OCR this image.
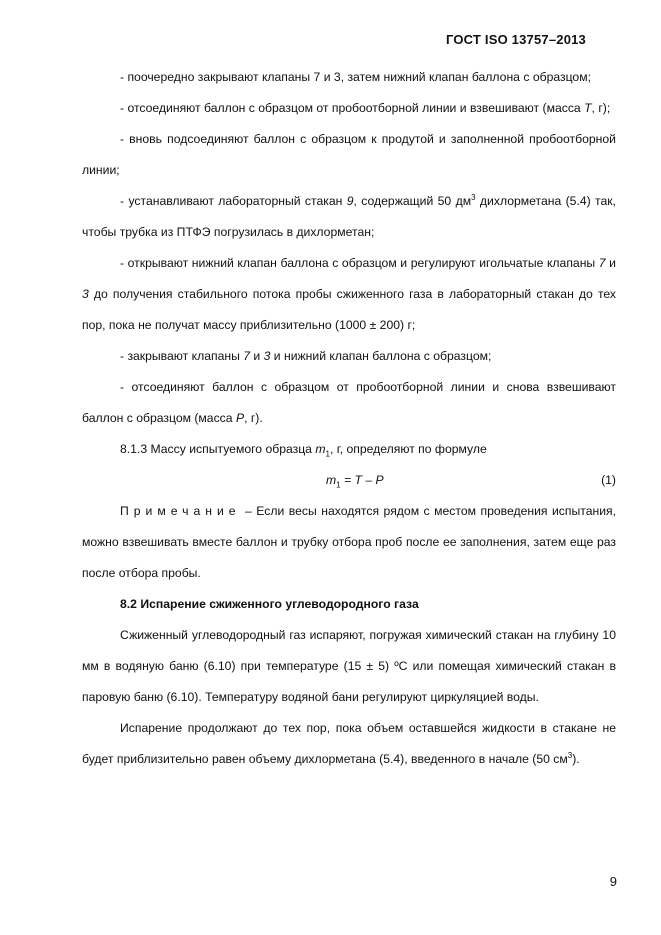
ГОСТ ISO 13757–2013

- поочередно закрывают клапаны 7 и 3, затем нижний клапан баллона с образцом;

- отсоединяют баллон с образцом от пробоотборной линии и взвешивают (масса T, г);

- вновь подсоединяют баллон с образцом к продутой и заполненной пробоотборной линии;

- устанавливают лабораторный стакан 9, содержащий 50 $дм^3$ дихлорметана (5.4) так, чтобы трубка из ПТФЭ погрузилась в дихлорметан;

- открывают нижний клапан баллона с образцом и регулируют игольчатые клапаны 7 и 3 до получения стабильного потока пробы сжиженного газа в лабораторный стакан до тех пор, пока не получат массу приблизительно (1000 ± 200) г;

- закрывают клапаны 7 и 3 и нижний клапан баллона с образцом;

- отсоединяют баллон с образцом от пробоотборной линии и снова взвешивают баллон с образцом (масса P, г).

8.1.3 Массу испытуемого образца $m_1$, г, определяют по формуле

$m_1 = T - P$	(1)

Примечание – Если весы находятся рядом с местом проведения испытания, можно взвешивать вместе баллон и трубку отбора проб после ее заполнения, затем еще раз после отбора пробы.

8.2 Испарение сжиженного углеводородного газа

Сжиженный углеводородный газ испаряют, погружая химический стакан на глубину 10 мм в водяную баню (6.10) при температуре (15 ± 5) ºС или помещая химический стакан в паровую баню (6.10). Температуру водяной бани регулируют циркуляцией воды.

Испарение продолжают до тех пор, пока объем оставшейся жидкости в стакане не будет приблизительно равен объему дихлорметана (5.4), введенного в начале (50 $см^3$).

9
